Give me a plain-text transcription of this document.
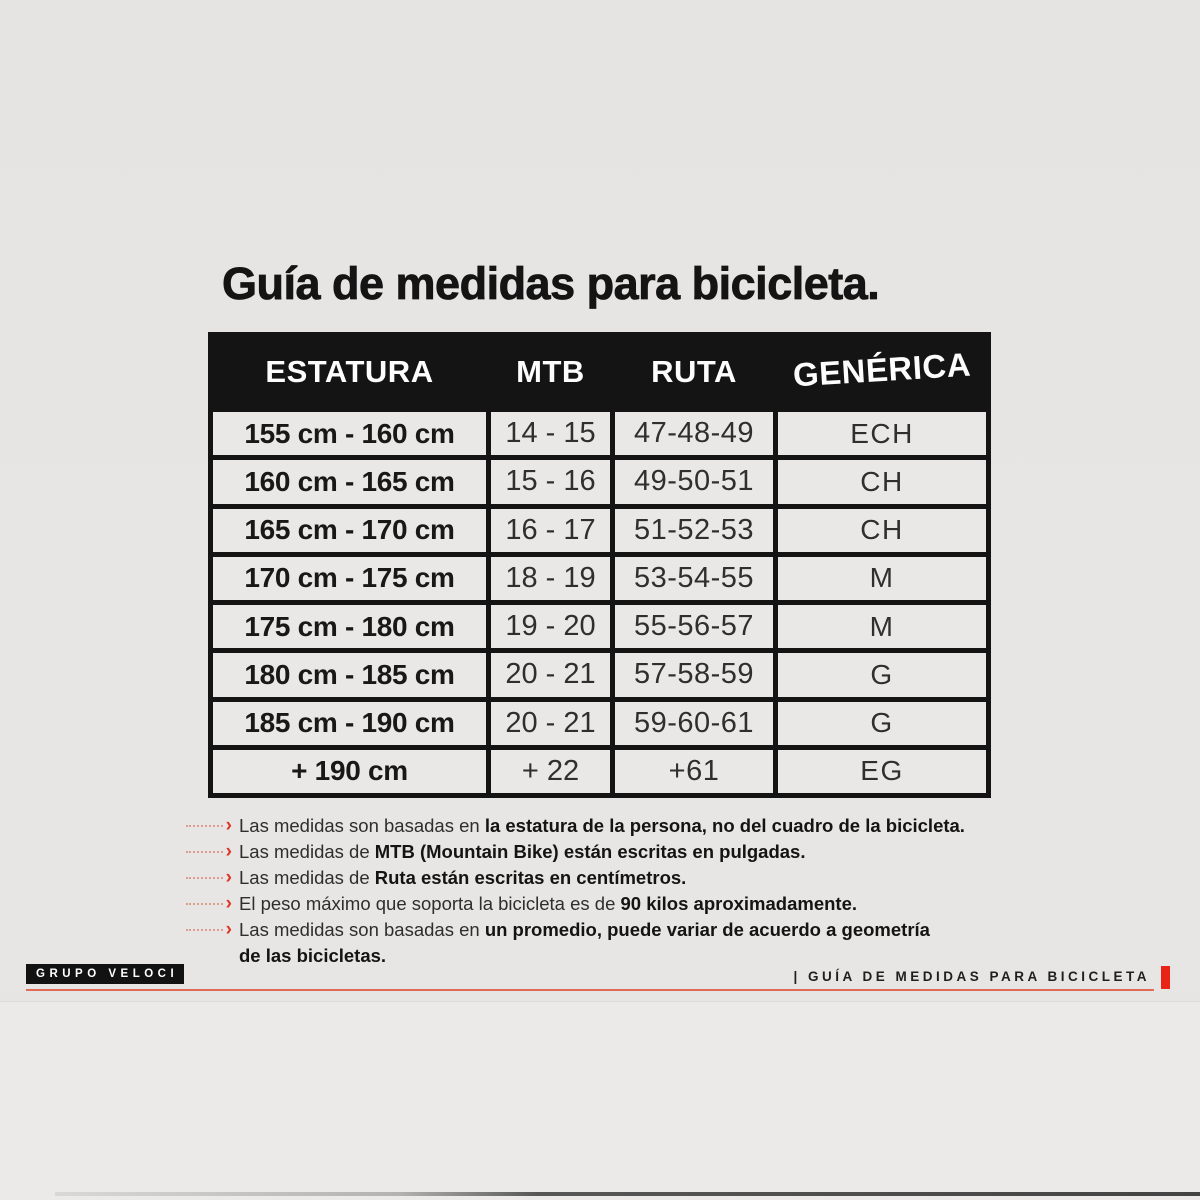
Guía de medidas para bicicleta.
ESTATURA	MTB	RUTA	GENÉRICA
155 cm - 160 cm	14 - 15	47-48-49	ECH
160 cm - 165 cm	15 - 16	49-50-51	CH
165 cm - 170 cm	16 - 17	51-52-53	CH
170 cm - 175 cm	18 - 19	53-54-55	M
175 cm - 180 cm	19 - 20	55-56-57	M
180 cm - 185 cm	20 - 21	57-58-59	G
185 cm - 190 cm	20 - 21	59-60-61	G
+ 190 cm	+ 22	+61	EG
› Las medidas son basadas en la estatura de la persona, no del cuadro de la bicicleta.
› Las medidas de MTB (Mountain Bike) están escritas en pulgadas.
› Las medidas de Ruta están escritas en centímetros.
› El peso máximo que soporta la bicicleta es de 90 kilos aproximadamente.
› Las medidas son basadas en un promedio, puede variar de acuerdo a geometría
de las bicicletas.
GRUPO VELOCI	| GUÍA DE MEDIDAS PARA BICICLETA
